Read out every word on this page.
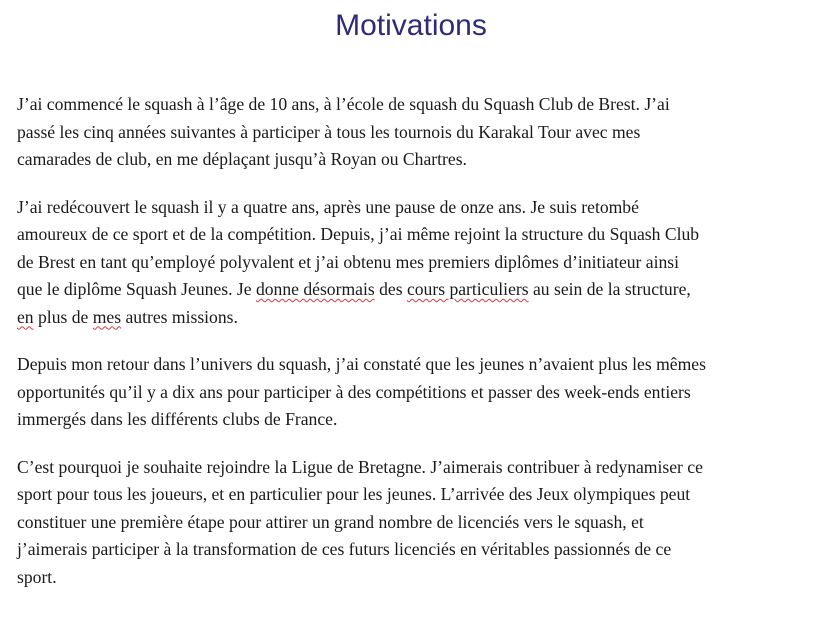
Motivations

J’ai commencé le squash à l’âge de 10 ans, à l’école de squash du Squash Club de Brest. J’ai
passé les cinq années suivantes à participer à tous les tournois du Karakal Tour avec mes
camarades de club, en me déplaçant jusqu’à Royan ou Chartres.

J’ai redécouvert le squash il y a quatre ans, après une pause de onze ans. Je suis retombé
amoureux de ce sport et de la compétition. Depuis, j’ai même rejoint la structure du Squash Club
de Brest en tant qu’employé polyvalent et j’ai obtenu mes premiers diplômes d’initiateur ainsi
que le diplôme Squash Jeunes. Je donne désormais des cours particuliers au sein de la structure,
en plus de mes autres missions.

Depuis mon retour dans l’univers du squash, j’ai constaté que les jeunes n’avaient plus les mêmes
opportunités qu’il y a dix ans pour participer à des compétitions et passer des week-ends entiers
immergés dans les différents clubs de France.

C’est pourquoi je souhaite rejoindre la Ligue de Bretagne. J’aimerais contribuer à redynamiser ce
sport pour tous les joueurs, et en particulier pour les jeunes. L’arrivée des Jeux olympiques peut
constituer une première étape pour attirer un grand nombre de licenciés vers le squash, et
j’aimerais participer à la transformation de ces futurs licenciés en véritables passionnés de ce
sport.
